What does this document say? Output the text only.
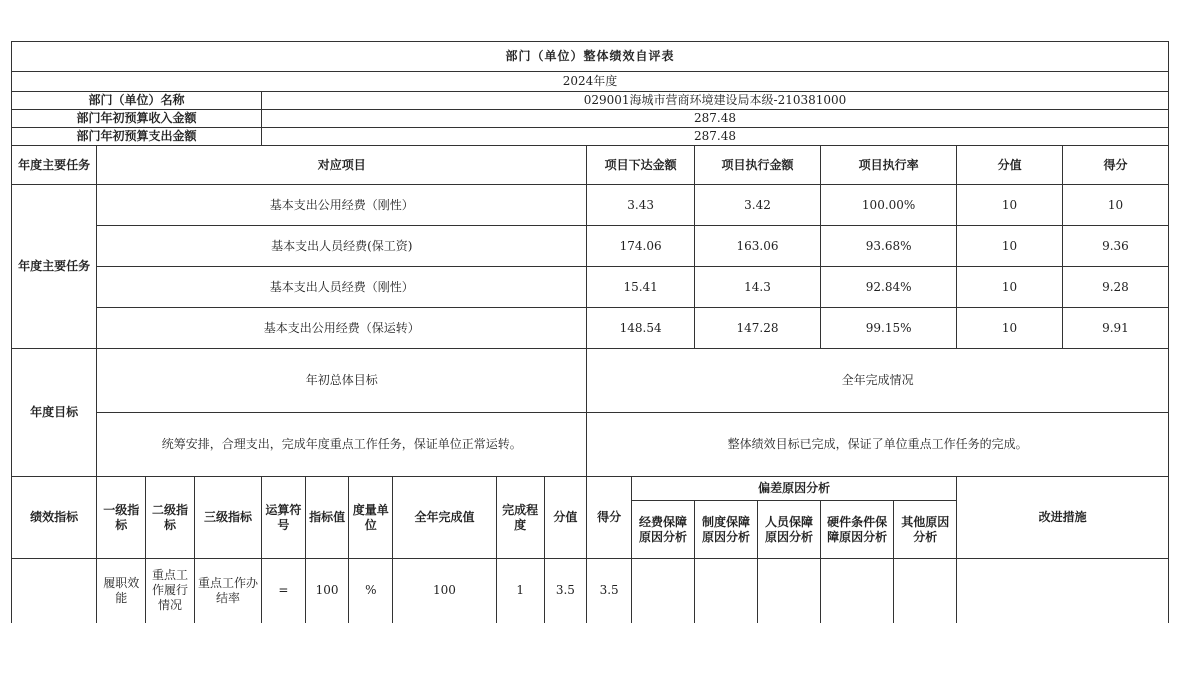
部门（单位）整体绩效自评表																	
2024年度																	
部门（单位）名称				029001海城市营商环境建设局本级-210381000													
部门年初预算收入金额				287.48													
部门年初预算支出金额				287.48													
年度主要任务	对应项目									项目下达金额		项目执行金额		项目执行率		分值	得分
年度主要任务	基本支出公用经费（刚性）									3.43		3.42		100.00%		10	10
	基本支出人员经费(保工资)									174.06		163.06		93.68%		10	9.36
	基本支出人员经费（刚性）									15.41		14.3		92.84%		10	9.28
	基本支出公用经费（保运转）									148.54		147.28		99.15%		10	9.91
年度目标	年初总体目标									全年完成情况							
	统筹安排，合理支出，完成年度重点工作任务，保证单位正常运转。									整体绩效目标已完成，保证了单位重点工作任务的完成。							
绩效指标	一级指标	二级指标	三级指标	运算符号	指标值	度量单位	全年完成值	完成程度	分值	得分	偏差原因分析					改进措施	
											经费保障原因分析	制度保障原因分析	人员保障原因分析	硬件条件保障原因分析	其他原因分析		
	履职效能	重点工作履行情况	重点工作办结率	=	100	%	100	1	3.5	3.5							
